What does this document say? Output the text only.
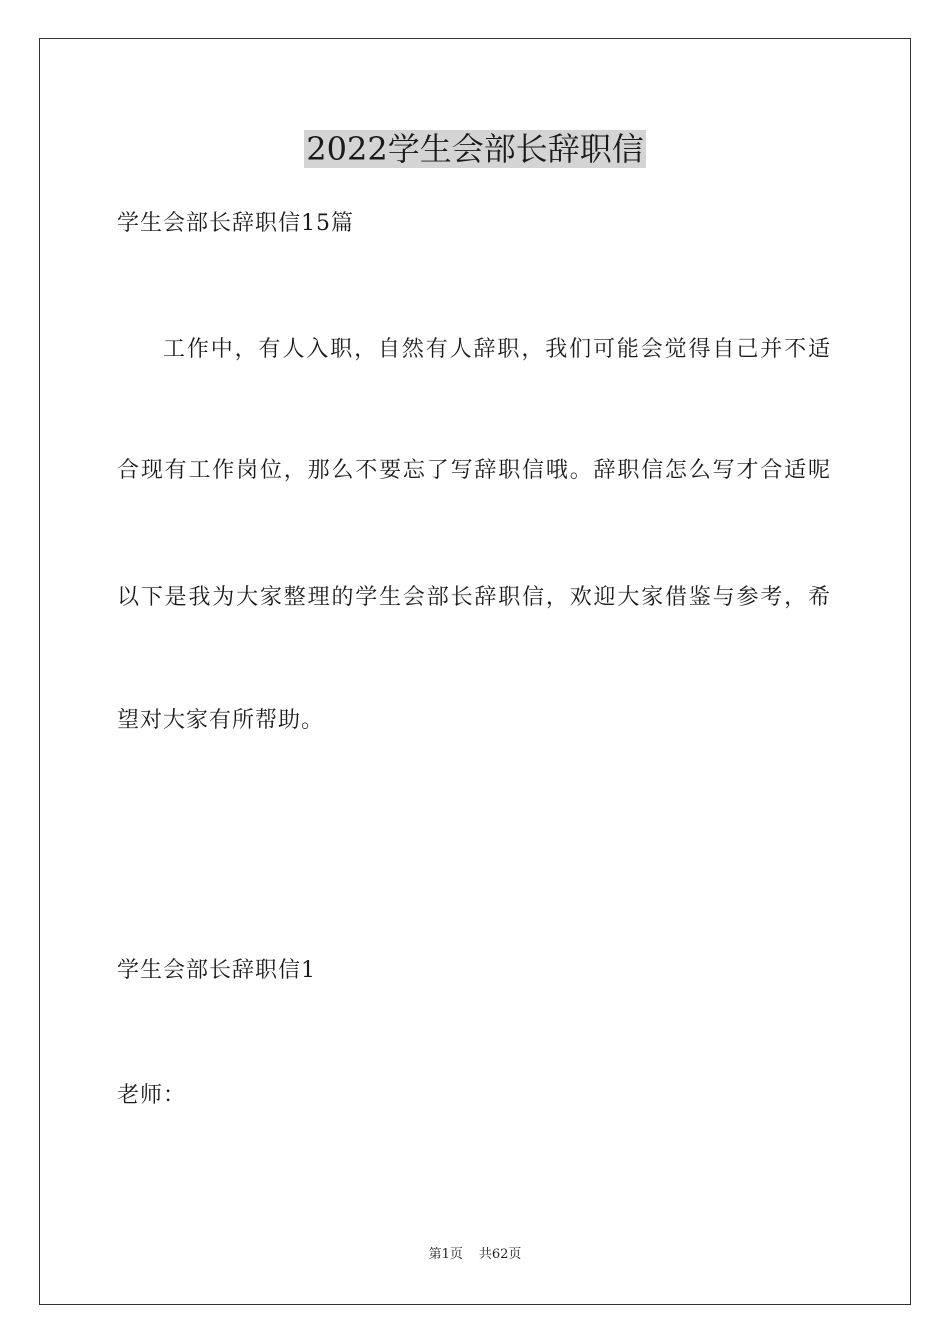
2022学生会部长辞职信
学生会部长辞职信15篇
工作中，有人入职，自然有人辞职，我们可能会觉得自己并不适
合现有工作岗位，那么不要忘了写辞职信哦。辞职信怎么写才合适呢
以下是我为大家整理的学生会部长辞职信，欢迎大家借鉴与参考，希
望对大家有所帮助。
学生会部长辞职信1
老师：
第1页 共62页
